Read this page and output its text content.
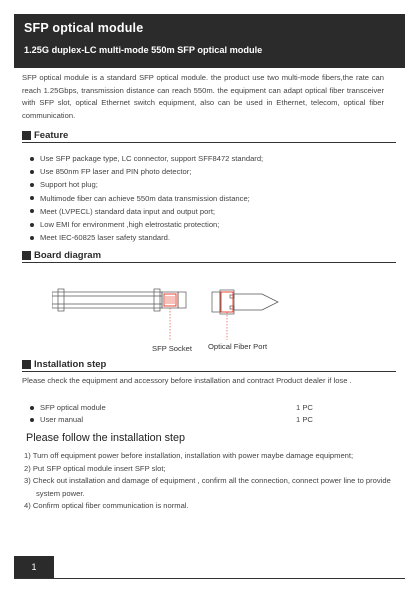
SFP optical module
1.25G duplex-LC multi-mode 550m SFP optical module
SFP optical module is a standard SFP optical module. the product use two multi-mode fibers,the rate can reach 1.25Gbps, transmission distance can reach 550m. the equipment can adapt optical fiber transceiver with SFP slot, optical Ethernet switch equipment, also can be used in Ethernet, telecom, optical fiber communication.
Feature
Use SFP package type, LC connector, support SFF8472 standard;
Use 850nm FP laser and PIN photo detector;
Support hot plug;
Multimode fiber can achieve 550m data transmission distance;
Meet (LVPECL) standard data input and output port;
Low EMI for environment ,high eletrostatic protection;
Meet IEC-60825 laser safety standard.
Board diagram
SFP Socket Optical Fiber Port
Installation step
Please check the equipment and accessory before installation and contract Product dealer if lose .
SFP optical module	1 PC
User manual	1 PC
Please follow the installation step
1) Turn off equipment power before installation, installation with power maybe damage equipment;
2) Put SFP optical module insert SFP slot;
3) Check out installation and damage of equipment , confirm all the connection, connect power line to provide system power.
4) Confirm optical fiber communication is normal.
1
